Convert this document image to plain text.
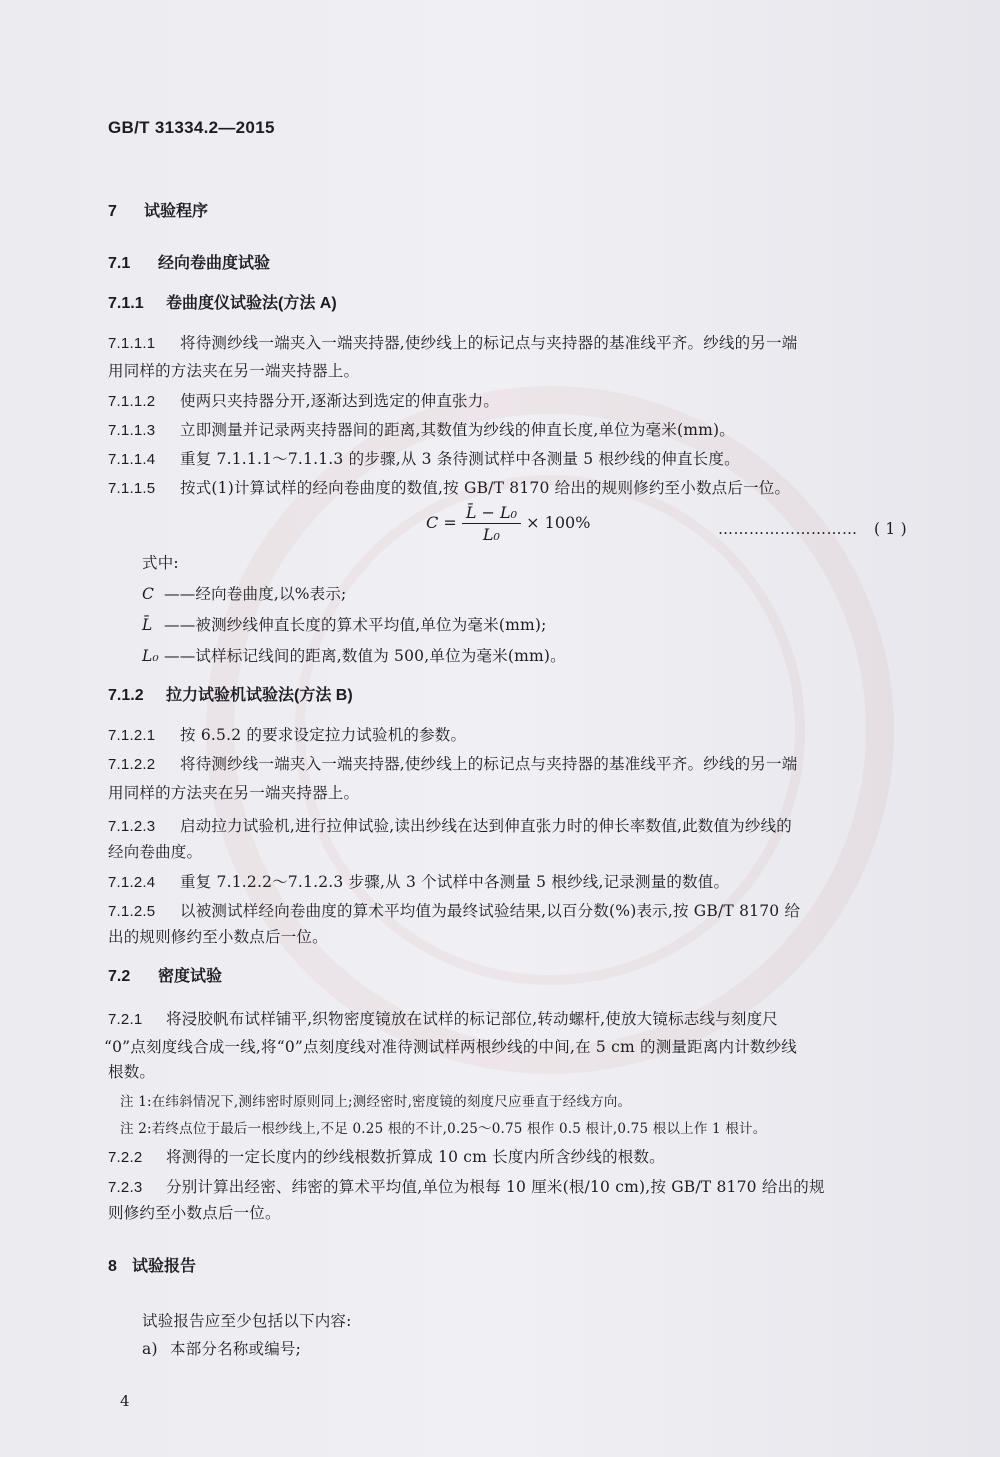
GB/T 31334.2—2015
7 试验程序
7.1 经向卷曲度试验
7.1.1 卷曲度仪试验法(方法 A)
7.1.1.1 将待测纱线一端夹入一端夹持器,使纱线上的标记点与夹持器的基准线平齐。纱线的另一端
用同样的方法夹在另一端夹持器上。
7.1.1.2 使两只夹持器分开,逐渐达到选定的伸直张力。
7.1.1.3 立即测量并记录两夹持器间的距离,其数值为纱线的伸直长度,单位为毫米(mm)。
7.1.1.4 重复 7.1.1.1～7.1.1.3 的步骤,从 3 条待测试样中各测量 5 根纱线的伸直长度。
7.1.1.5 按式(1)计算试样的经向卷曲度的数值,按 GB/T 8170 给出的规则修约至小数点后一位。
$C = \frac{\text{L̄ − L₀}}{\text{L₀}} \times 100\%$	……………………… ( 1 )
式中:
C ——经向卷曲度,以%表示;
L̄ ——被测纱线伸直长度的算术平均值,单位为毫米(mm);
L₀ ——试样标记线间的距离,数值为 500,单位为毫米(mm)。
7.1.2 拉力试验机试验法(方法 B)
7.1.2.1 按 6.5.2 的要求设定拉力试验机的参数。
7.1.2.2 将待测纱线一端夹入一端夹持器,使纱线上的标记点与夹持器的基准线平齐。纱线的另一端
用同样的方法夹在另一端夹持器上。
7.1.2.3 启动拉力试验机,进行拉伸试验,读出纱线在达到伸直张力时的伸长率数值,此数值为纱线的
经向卷曲度。
7.1.2.4 重复 7.1.2.2～7.1.2.3 步骤,从 3 个试样中各测量 5 根纱线,记录测量的数值。
7.1.2.5 以被测试样经向卷曲度的算术平均值为最终试验结果,以百分数(%)表示,按 GB/T 8170 给
出的规则修约至小数点后一位。
7.2 密度试验
7.2.1 将浸胶帆布试样铺平,织物密度镜放在试样的标记部位,转动螺杆,使放大镜标志线与刻度尺
“0”点刻度线合成一线,将“0”点刻度线对准待测试样两根纱线的中间,在 5 cm 的测量距离内计数纱线
根数。
注 1:在纬斜情况下,测纬密时原则同上;测经密时,密度镜的刻度尺应垂直于经线方向。
注 2:若终点位于最后一根纱线上,不足 0.25 根的不计,0.25～0.75 根作 0.5 根计,0.75 根以上作 1 根计。
7.2.2 将测得的一定长度内的纱线根数折算成 10 cm 长度内所含纱线的根数。
7.2.3 分别计算出经密、纬密的算术平均值,单位为根每 10 厘米(根/10 cm),按 GB/T 8170 给出的规
则修约至小数点后一位。
8 试验报告
试验报告应至少包括以下内容:
a) 本部分名称或编号;
4
